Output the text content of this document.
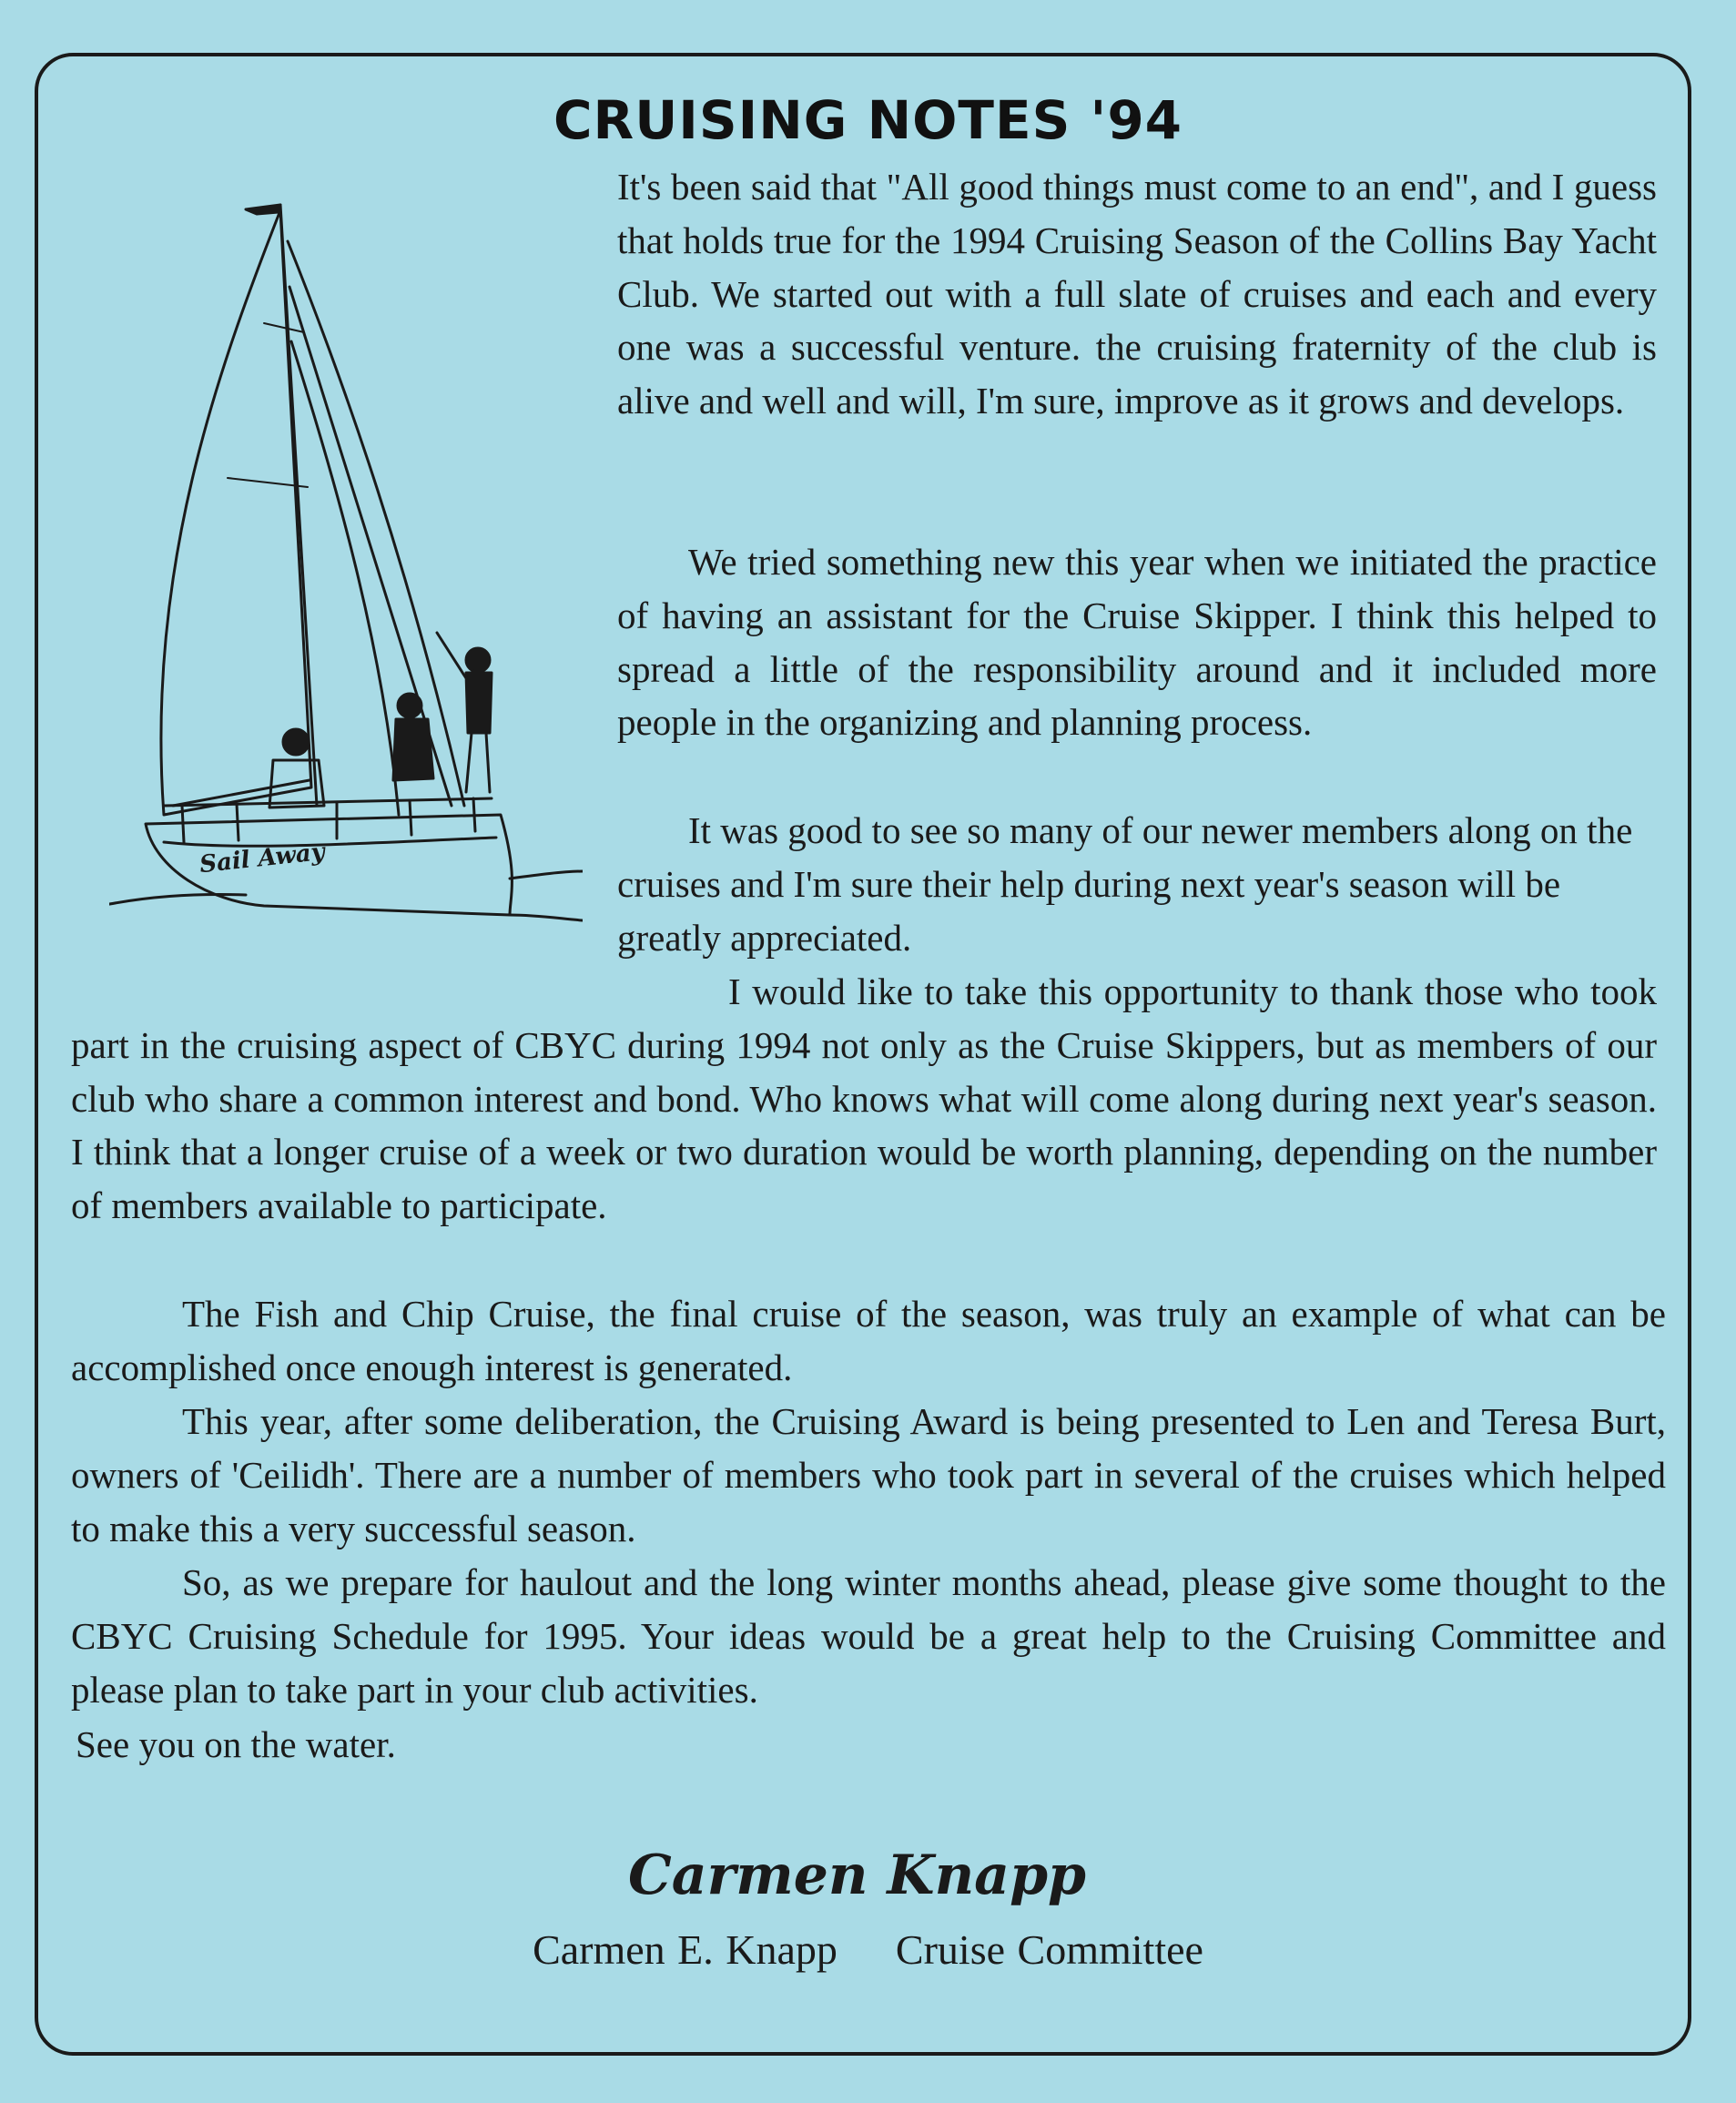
CRUISING NOTES '94
Sail Away

It's been said that "All good things must come to an end", and I guess that holds true for the 1994 Cruising Season of the Collins Bay Yacht Club. We started out with a full slate of cruises and each and every one was a successful venture. the cruising fraternity of the club is alive and well and will, I'm sure, improve as it grows and develops.

We tried something new this year when we initiated the practice of having an assistant for the Cruise Skipper. I think this helped to spread a little of the responsibility around and it included more people in the organizing and planning process.

It was good to see so many of our newer members along on the cruises and I'm sure their help during next year's season will be greatly appreciated.

I would like to take this opportunity to thank those who took part in the cruising aspect of CBYC during 1994 not only as the Cruise Skippers, but as members of our club who share a common interest and bond. Who knows what will come along during next year's season. I think that a longer cruise of a week or two duration would be worth planning, depending on the number of members available to participate.

The Fish and Chip Cruise, the final cruise of the season, was truly an example of what can be accomplished once enough interest is generated.

This year, after some deliberation, the Cruising Award is being presented to Len and Teresa Burt, owners of 'Ceilidh'. There are a number of members who took part in several of the cruises which helped to make this a very successful season.

So, as we prepare for haulout and the long winter months ahead, please give some thought to the CBYC Cruising Schedule for 1995. Your ideas would be a great help to the Cruising Committee and please plan to take part in your club activities.

See you on the water.

Carmen Knapp
Carmen E. Knapp Cruise Committee
